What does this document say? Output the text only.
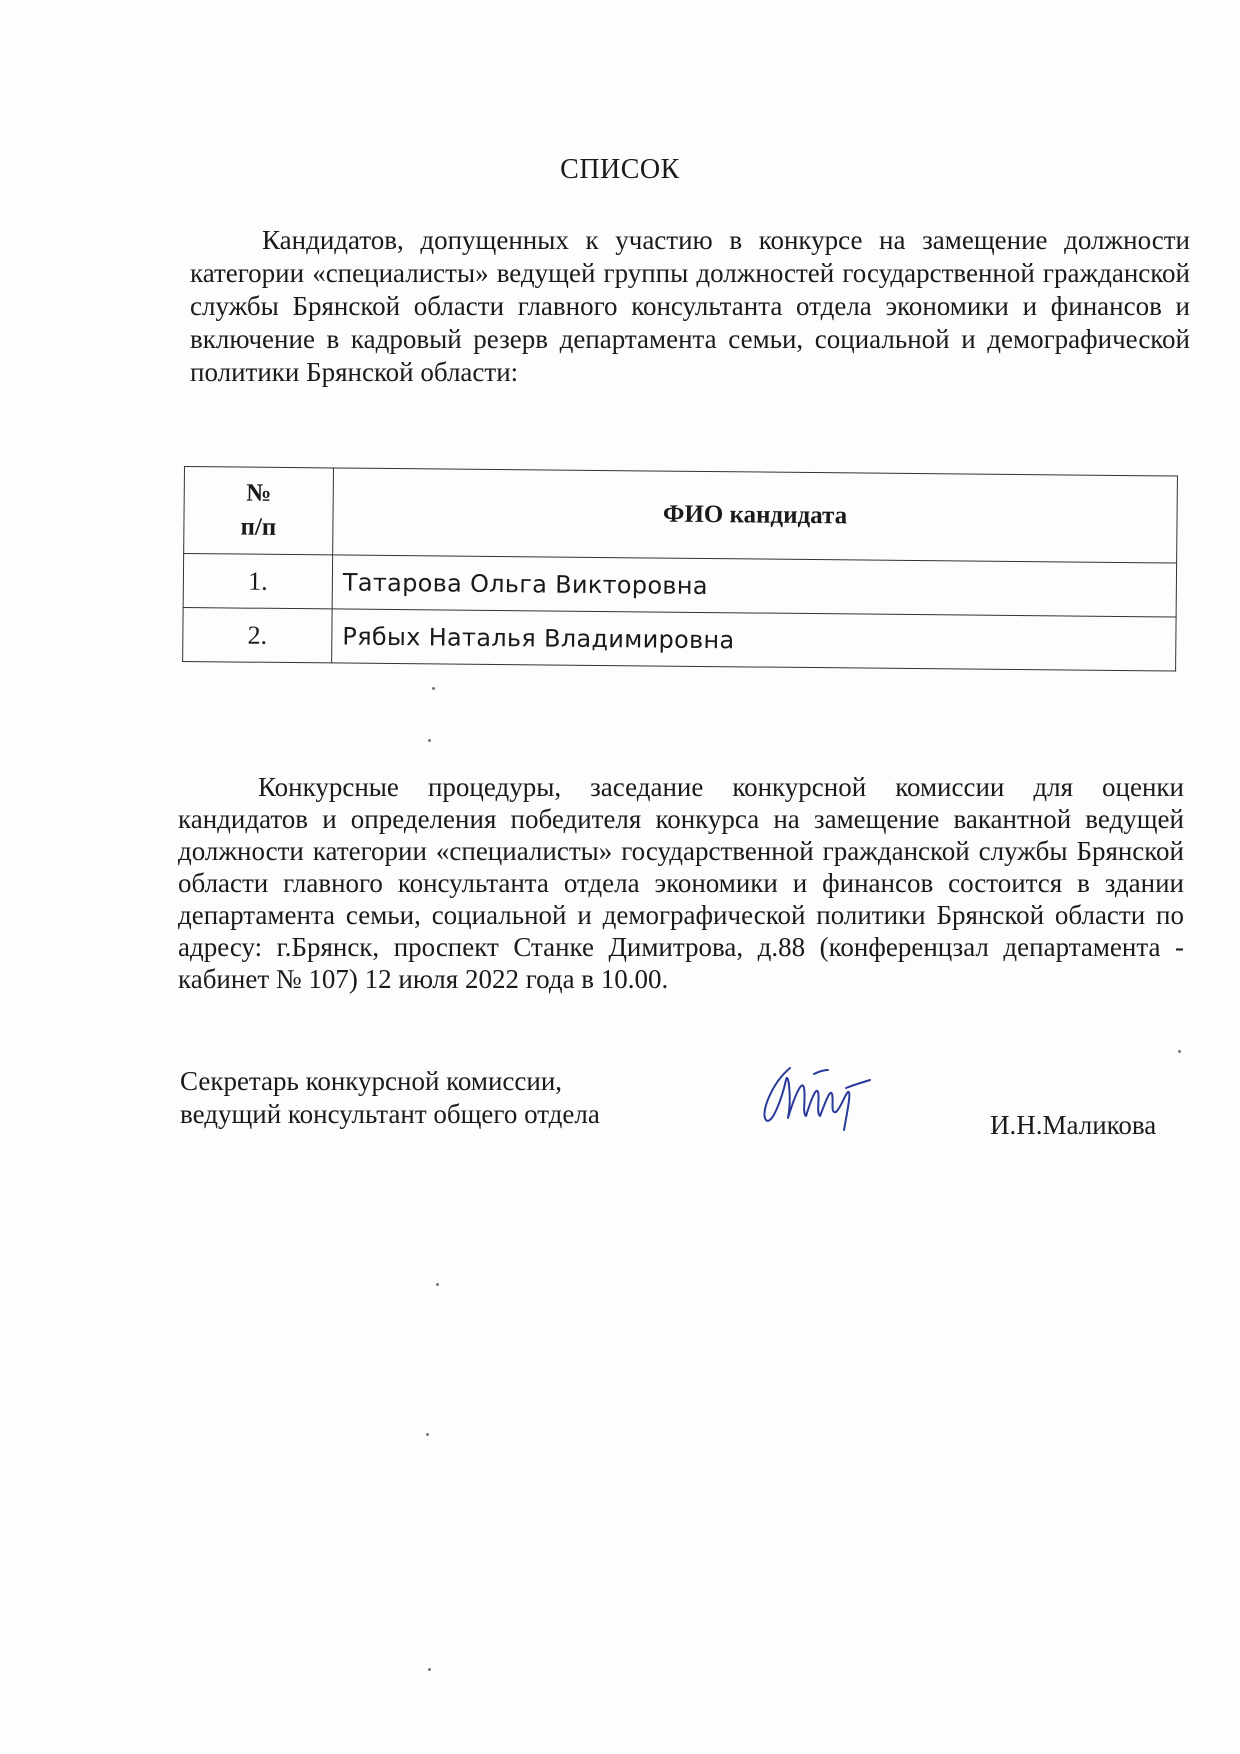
СПИСОК

Кандидатов, допущенных к участию в конкурсе на замещение должности категории «специалисты» ведущей группы должностей государственной гражданской службы Брянской области главного консультанта отдела экономики и финансов и включение в кадровый резерв департамента семьи, социальной и демографической политики Брянской области:

№
п/п	ФИО кандидата
1.	Татарова Ольга Викторовна
2.	Рябых Наталья Владимировна

Конкурсные процедуры, заседание конкурсной комиссии для оценки кандидатов и определения победителя конкурса на замещение вакантной ведущей должности категории «специалисты» государственной гражданской службы Брянской области главного консультанта отдела экономики и финансов состоится в здании департамента семьи, социальной и демографической политики Брянской области по адресу: г.Брянск, проспект Станке Димитрова, д.88 (конференцзал департамента - кабинет № 107) 12 июля 2022 года в 10.00.

Секретарь конкурсной комиссии,
ведущий консультант общего отдела	И.Н.Маликова
